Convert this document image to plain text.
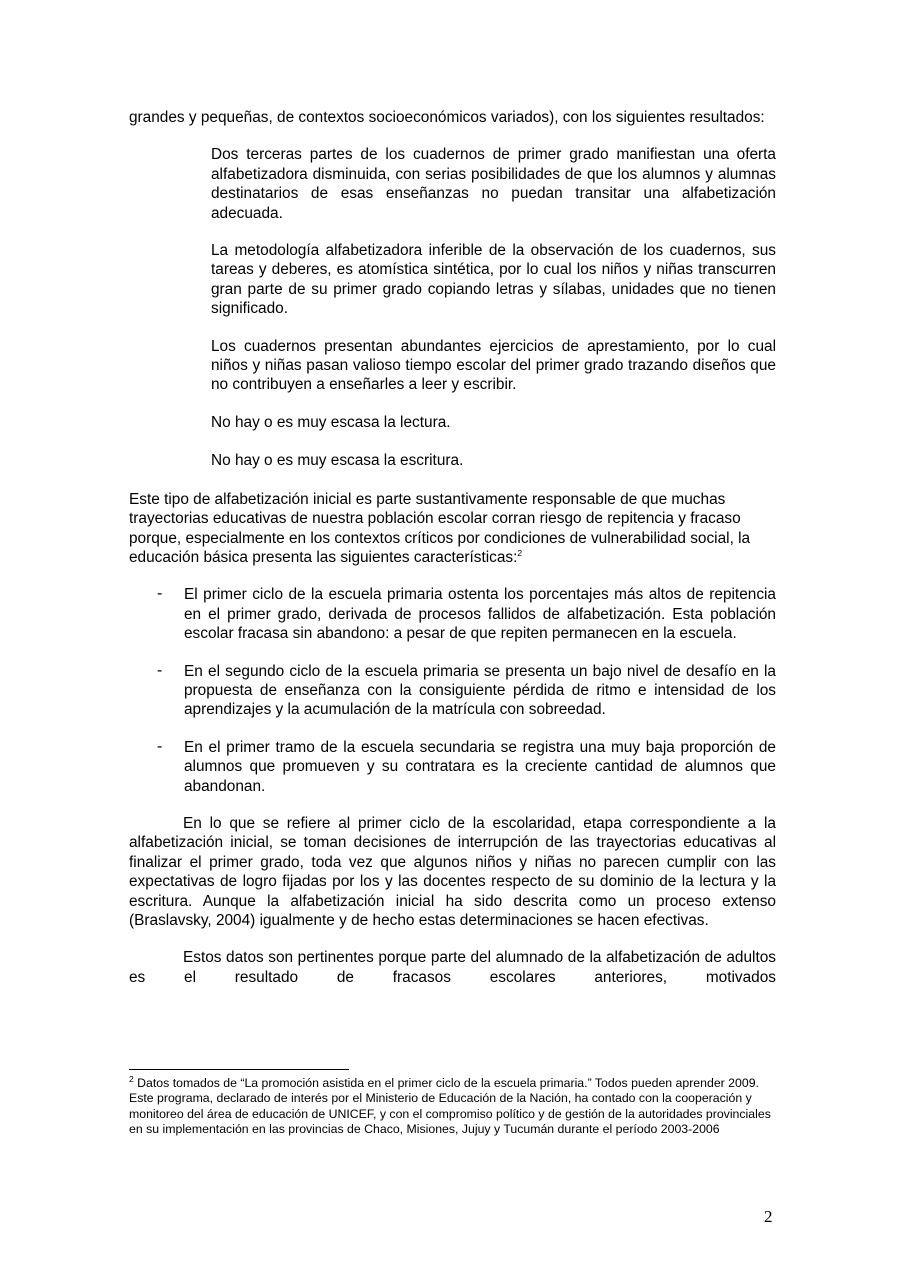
grandes y pequeñas, de contextos socioeconómicos variados), con los siguientes resultados:

Dos terceras partes de los cuadernos de primer grado manifiestan una oferta alfabetizadora disminuida, con serias posibilidades de que los alumnos y alumnas destinatarios de esas enseñanzas no puedan transitar una alfabetización adecuada.

La metodología alfabetizadora inferible de la observación de los cuadernos, sus tareas y deberes, es atomística sintética, por lo cual los niños y niñas transcurren gran parte de su primer grado copiando letras y sílabas, unidades que no tienen significado.

Los cuadernos presentan abundantes ejercicios de aprestamiento, por lo cual niños y niñas pasan valioso tiempo escolar del primer grado trazando diseños que no contribuyen a enseñarles a leer y escribir.

No hay o es muy escasa la lectura.

No hay o es muy escasa la escritura.

Este tipo de alfabetización inicial es parte sustantivamente responsable de que muchas trayectorias educativas de nuestra población escolar corran riesgo de repitencia y fracaso porque, especialmente en los contextos críticos por condiciones de vulnerabilidad social, la educación básica presenta las siguientes características:$^2$

- El primer ciclo de la escuela primaria ostenta los porcentajes más altos de repitencia en el primer grado, derivada de procesos fallidos de alfabetización. Esta población escolar fracasa sin abandono: a pesar de que repiten permanecen en la escuela.

- En el segundo ciclo de la escuela primaria se presenta un bajo nivel de desafío en la propuesta de enseñanza con la consiguiente pérdida de ritmo e intensidad de los aprendizajes y la acumulación de la matrícula con sobreedad.

- En el primer tramo de la escuela secundaria se registra una muy baja proporción de alumnos que promueven y su contratara es la creciente cantidad de alumnos que abandonan.

En lo que se refiere al primer ciclo de la escolaridad, etapa correspondiente a la alfabetización inicial, se toman decisiones de interrupción de las trayectorias educativas al finalizar el primer grado, toda vez que algunos niños y niñas no parecen cumplir con las expectativas de logro fijadas por los y las docentes respecto de su dominio de la lectura y la escritura. Aunque la alfabetización inicial ha sido descrita como un proceso extenso (Braslavsky, 2004) igualmente y de hecho estas determinaciones se hacen efectivas.

Estos datos son pertinentes porque parte del alumnado de la alfabetización de adultos es el resultado de fracasos escolares anteriores, motivados

$^2$ Datos tomados de “La promoción asistida en el primer ciclo de la escuela primaria.” Todos pueden aprender 2009. Este programa, declarado de interés por el Ministerio de Educación de la Nación, ha contado con la cooperación y monitoreo del área de educación de UNICEF, y con el compromiso político y de gestión de la autoridades provinciales en su implementación en las provincias de Chaco, Misiones, Jujuy y Tucumán durante el período 2003-2006
2
